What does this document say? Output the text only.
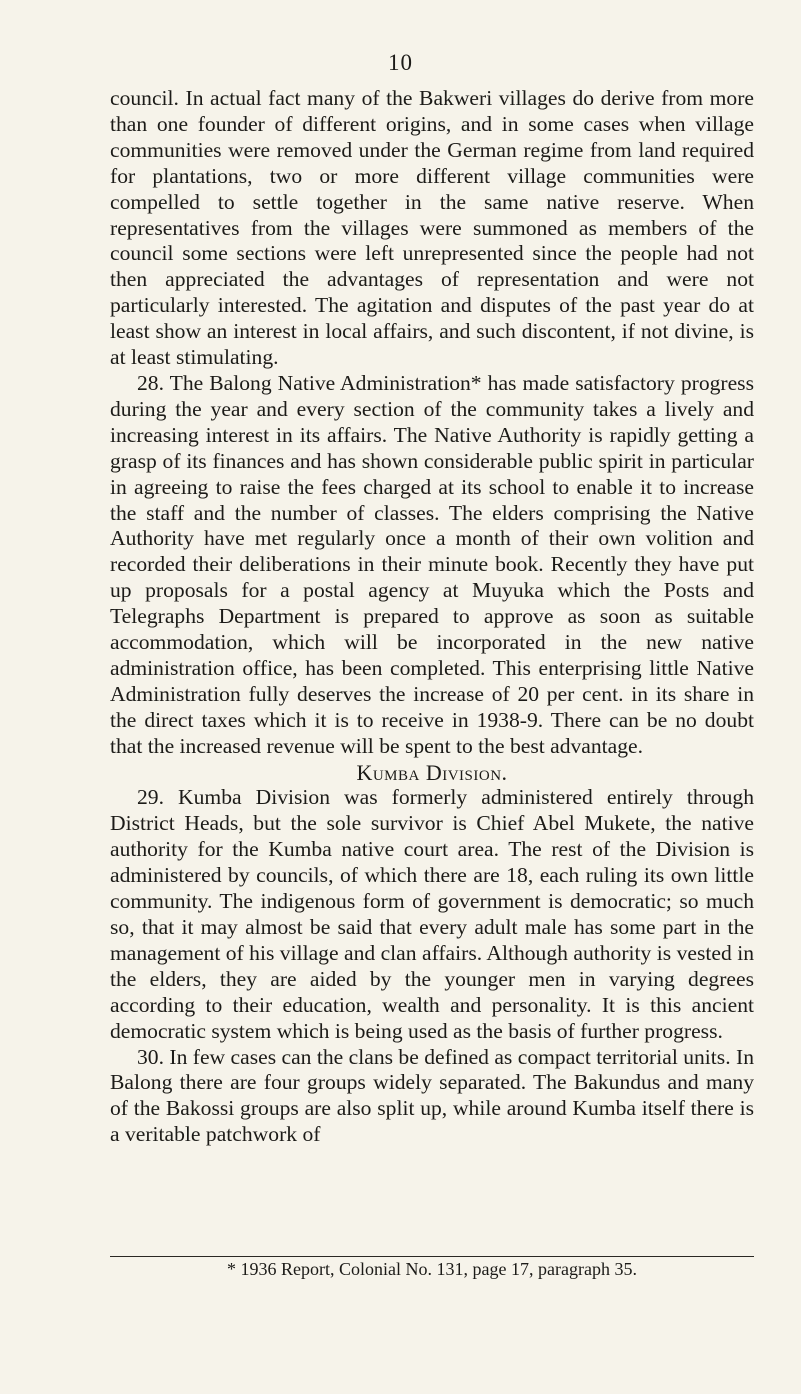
10

council. In actual fact many of the Bakweri villages do derive from more than one founder of different origins, and in some cases when village communities were removed under the German regime from land required for plantations, two or more different village communities were compelled to settle together in the same native reserve. When representatives from the villages were summoned as members of the council some sections were left unrepresented since the people had not then appreciated the advantages of representation and were not particularly interested. The agitation and disputes of the past year do at least show an interest in local affairs, and such discontent, if not divine, is at least stimulating.

28. The Balong Native Administration* has made satisfactory progress during the year and every section of the community takes a lively and increasing interest in its affairs. The Native Authority is rapidly getting a grasp of its finances and has shown considerable public spirit in particular in agreeing to raise the fees charged at its school to enable it to increase the staff and the number of classes. The elders comprising the Native Authority have met regularly once a month of their own volition and recorded their deliberations in their minute book. Recently they have put up proposals for a postal agency at Muyuka which the Posts and Telegraphs Department is prepared to approve as soon as suitable accommodation, which will be incorporated in the new native administration office, has been completed. This enterprising little Native Administration fully deserves the increase of 20 per cent. in its share in the direct taxes which it is to receive in 1938-9. There can be no doubt that the increased revenue will be spent to the best advantage.

Kumba Division.

29. Kumba Division was formerly administered entirely through District Heads, but the sole survivor is Chief Abel Mukete, the native authority for the Kumba native court area. The rest of the Division is administered by councils, of which there are 18, each ruling its own little community. The indigenous form of government is democratic; so much so, that it may almost be said that every adult male has some part in the management of his village and clan affairs. Although authority is vested in the elders, they are aided by the younger men in varying degrees according to their education, wealth and personality. It is this ancient democratic system which is being used as the basis of further progress.

30. In few cases can the clans be defined as compact territorial units. In Balong there are four groups widely separated. The Bakundus and many of the Bakossi groups are also split up, while around Kumba itself there is a veritable patchwork of

* 1936 Report, Colonial No. 131, page 17, paragraph 35.
